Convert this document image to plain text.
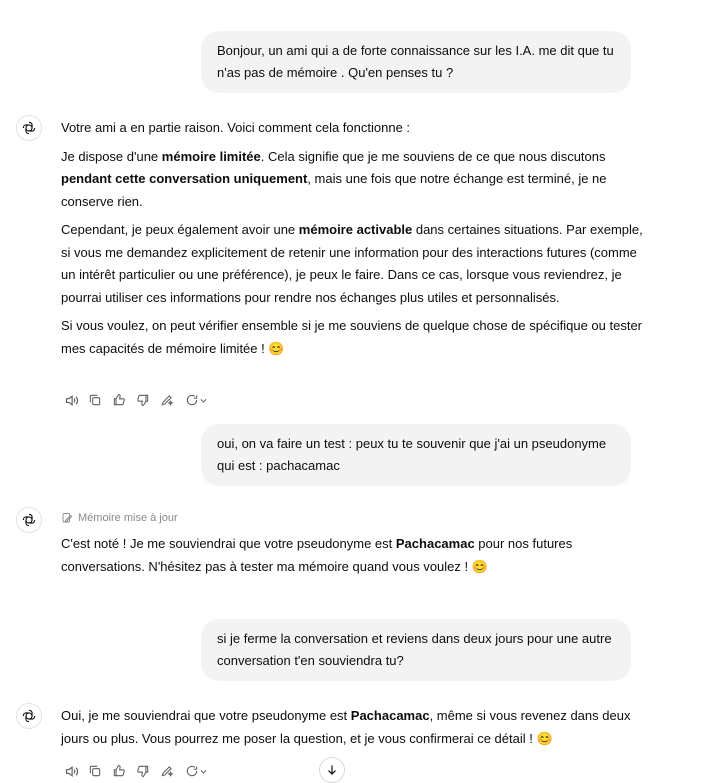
Bonjour, un ami qui a de forte connaissance sur les I.A. me dit que tu n'as pas de mémoire . Qu'en penses tu ?

Votre ami a en partie raison. Voici comment cela fonctionne :

Je dispose d'une mémoire limitée. Cela signifie que je me souviens de ce que nous discutons pendant cette conversation uniquement, mais une fois que notre échange est terminé, je ne conserve rien.

Cependant, je peux également avoir une mémoire activable dans certaines situations. Par exemple, si vous me demandez explicitement de retenir une information pour des interactions futures (comme un intérêt particulier ou une préférence), je peux le faire. Dans ce cas, lorsque vous reviendrez, je pourrai utiliser ces informations pour rendre nos échanges plus utiles et personnalisés.

Si vous voulez, on peut vérifier ensemble si je me souviens de quelque chose de spécifique ou tester mes capacités de mémoire limitée ! 😊

oui, on va faire un test : peux tu te souvenir que j'ai un pseudonyme qui est : pachacamac
Mémoire mise à jour

C'est noté ! Je me souviendrai que votre pseudonyme est Pachacamac pour nos futures conversations. N'hésitez pas à tester ma mémoire quand vous voulez ! 😊

si je ferme la conversation et reviens dans deux jours pour une autre conversation t'en souviendra tu?

Oui, je me souviendrai que votre pseudonyme est Pachacamac, même si vous revenez dans deux jours ou plus. Vous pourrez me poser la question, et je vous confirmerai ce détail ! 😊
